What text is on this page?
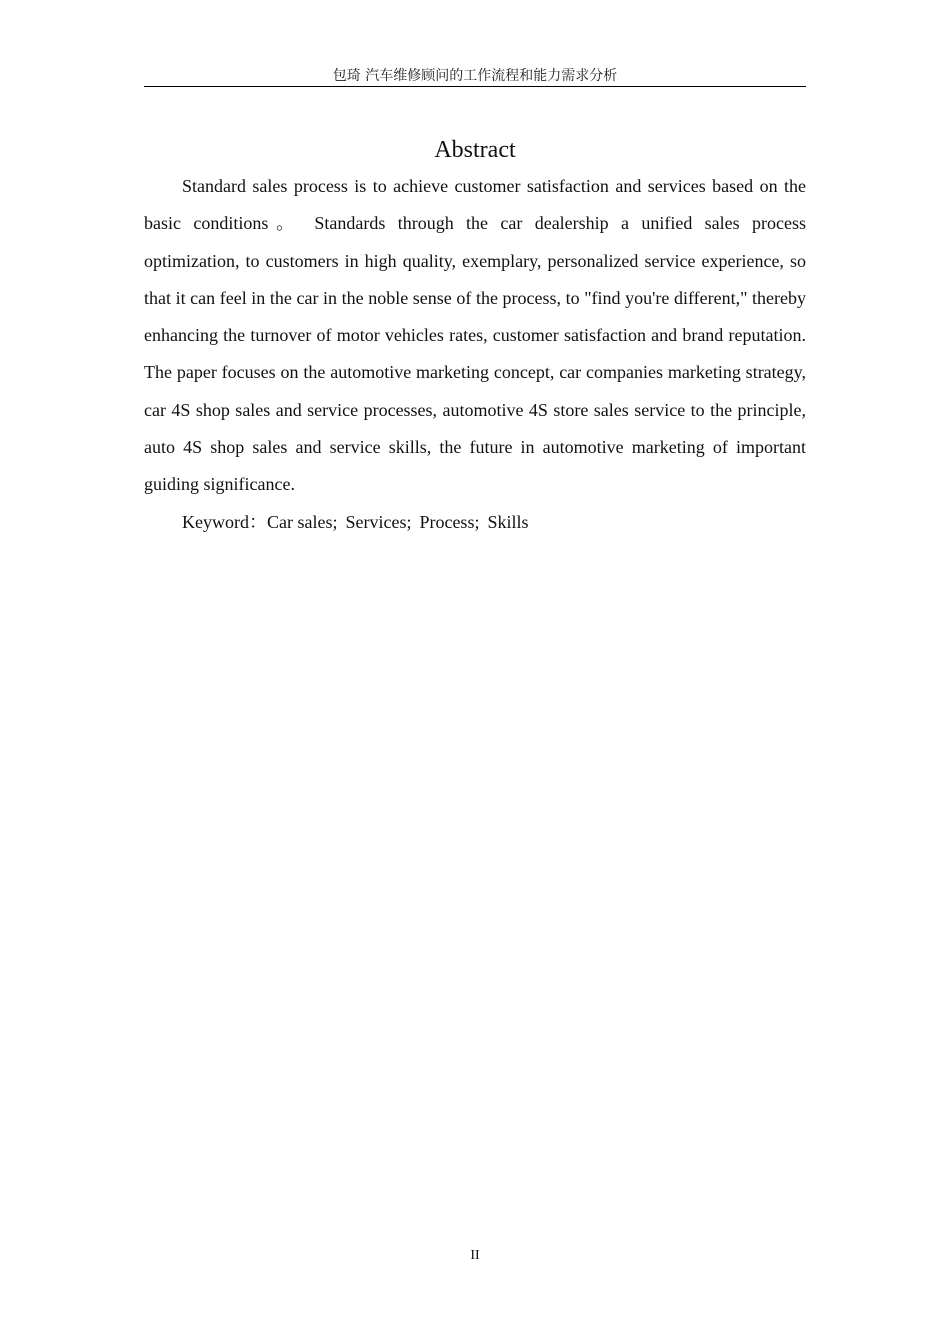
包琦 汽车维修顾问的工作流程和能力需求分析
Abstract

Standard sales process is to achieve customer satisfaction and services based on the basic conditions。 Standards through the car dealership a unified sales process optimization, to customers in high quality, exemplary, personalized service experience, so that it can feel in the car in the noble sense of the process, to "find you're different," thereby enhancing the turnover of motor vehicles rates, customer satisfaction and brand reputation. The paper focuses on the automotive marketing concept, car companies marketing strategy, car 4S shop sales and service processes, automotive 4S store sales service to the principle, auto 4S shop sales and service skills, the future in automotive marketing of important guiding significance.

Keyword：Car sales; Services; Process; Skills

II
